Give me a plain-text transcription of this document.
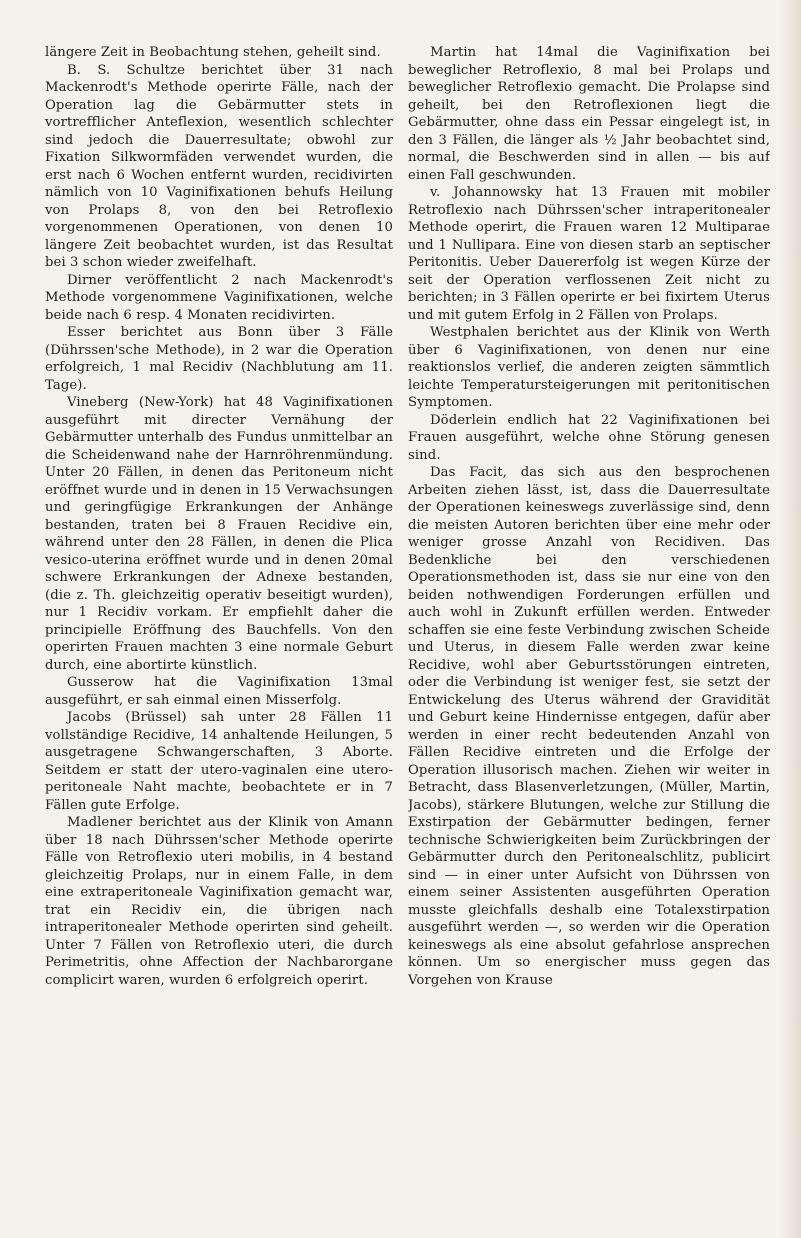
längere Zeit in Beobachtung stehen, geheilt sind.

B. S. Schultze berichtet über 31 nach Mackenrodt's Methode operirte Fälle, nach der Operation lag die Gebärmutter stets in vortrefflicher Anteflexion, wesentlich schlechter sind jedoch die Dauerresultate; obwohl zur Fixation Silkwormfäden verwendet wurden, die erst nach 6 Wochen entfernt wurden, recidivirten nämlich von 10 Vaginifixationen behufs Heilung von Prolaps 8, von den bei Retroflexio vorgenommenen Operationen, von denen 10 längere Zeit beobachtet wurden, ist das Resultat bei 3 schon wieder zweifelhaft.

Dirner veröffentlicht 2 nach Mackenrodt's Methode vorgenommene Vaginifixationen, welche beide nach 6 resp. 4 Monaten recidivirten.

Esser berichtet aus Bonn über 3 Fälle (Dührssen'sche Methode), in 2 war die Operation erfolgreich, 1 mal Recidiv (Nachblutung am 11. Tage).

Vineberg (New-York) hat 48 Vaginifixationen ausgeführt mit directer Vernähung der Gebärmutter unterhalb des Fundus unmittelbar an die Scheidenwand nahe der Harnröhrenmündung. Unter 20 Fällen, in denen das Peritoneum nicht eröffnet wurde und in denen in 15 Verwachsungen und geringfügige Erkrankungen der Anhänge bestanden, traten bei 8 Frauen Recidive ein, während unter den 28 Fällen, in denen die Plica vesico-uterina eröffnet wurde und in denen 20mal schwere Erkrankungen der Adnexe bestanden, (die z. Th. gleichzeitig operativ beseitigt wurden), nur 1 Recidiv vorkam. Er empfiehlt daher die principielle Eröffnung des Bauchfells. Von den operirten Frauen machten 3 eine normale Geburt durch, eine abortirte künstlich.

Gusserow hat die Vaginifixation 13mal ausgeführt, er sah einmal einen Misserfolg.

Jacobs (Brüssel) sah unter 28 Fällen 11 vollständige Recidive, 14 anhaltende Heilungen, 5 ausgetragene Schwangerschaften, 3 Aborte. Seitdem er statt der utero-vaginalen eine utero-peritoneale Naht machte, beobachtete er in 7 Fällen gute Erfolge.

Madlener berichtet aus der Klinik von Amann über 18 nach Dührssen'scher Methode operirte Fälle von Retroflexio uteri mobilis, in 4 bestand gleichzeitig Prolaps, nur in einem Falle, in dem eine extraperitoneale Vaginifixation gemacht war, trat ein Recidiv ein, die übrigen nach intraperitonealer Methode operirten sind geheilt. Unter 7 Fällen von Retroflexio uteri, die durch Perimetritis, ohne Affection der Nachbarorgane complicirt waren, wurden 6 erfolgreich operirt.

Martin hat 14mal die Vaginifixation bei beweglicher Retroflexio, 8 mal bei Prolaps und beweglicher Retroflexio gemacht. Die Prolapse sind geheilt, bei den Retroflexionen liegt die Gebärmutter, ohne dass ein Pessar eingelegt ist, in den 3 Fällen, die länger als ½ Jahr beobachtet sind, normal, die Beschwerden sind in allen — bis auf einen Fall geschwunden.

v. Johannowsky hat 13 Frauen mit mobiler Retroflexio nach Dührssen'scher intraperitonealer Methode operirt, die Frauen waren 12 Multiparae und 1 Nullipara. Eine von diesen starb an septischer Peritonitis. Ueber Dauererfolg ist wegen Kürze der seit der Operation verflossenen Zeit nicht zu berichten; in 3 Fällen operirte er bei fixirtem Uterus und mit gutem Erfolg in 2 Fällen von Prolaps.

Westphalen berichtet aus der Klinik von Werth über 6 Vaginifixationen, von denen nur eine reaktionslos verlief, die anderen zeigten sämmtlich leichte Temperatursteigerungen mit peritonitischen Symptomen.

Döderlein endlich hat 22 Vaginifixationen bei Frauen ausgeführt, welche ohne Störung genesen sind.

Das Facit, das sich aus den besprochenen Arbeiten ziehen lässt, ist, dass die Dauerresultate der Operationen keineswegs zuverlässige sind, denn die meisten Autoren berichten über eine mehr oder weniger grosse Anzahl von Recidiven. Das Bedenkliche bei den verschiedenen Operationsmethoden ist, dass sie nur eine von den beiden nothwendigen Forderungen erfüllen und auch wohl in Zukunft erfüllen werden. Entweder schaffen sie eine feste Verbindung zwischen Scheide und Uterus, in diesem Falle werden zwar keine Recidive, wohl aber Geburtsstörungen eintreten, oder die Verbindung ist weniger fest, sie setzt der Entwickelung des Uterus während der Gravidität und Geburt keine Hindernisse entgegen, dafür aber werden in einer recht bedeutenden Anzahl von Fällen Recidive eintreten und die Erfolge der Operation illusorisch machen. Ziehen wir weiter in Betracht, dass Blasenverletzungen, (Müller, Martin, Jacobs), stärkere Blutungen, welche zur Stillung die Exstirpation der Gebärmutter bedingen, ferner technische Schwierigkeiten beim Zurückbringen der Gebärmutter durch den Peritonealschlitz, publicirt sind — in einer unter Aufsicht von Dührssen von einem seiner Assistenten ausgeführten Operation musste gleichfalls deshalb eine Totalexstirpation ausgeführt werden —, so werden wir die Operation keineswegs als eine absolut gefahrlose ansprechen können. Um so energischer muss gegen das Vorgehen von Krause
